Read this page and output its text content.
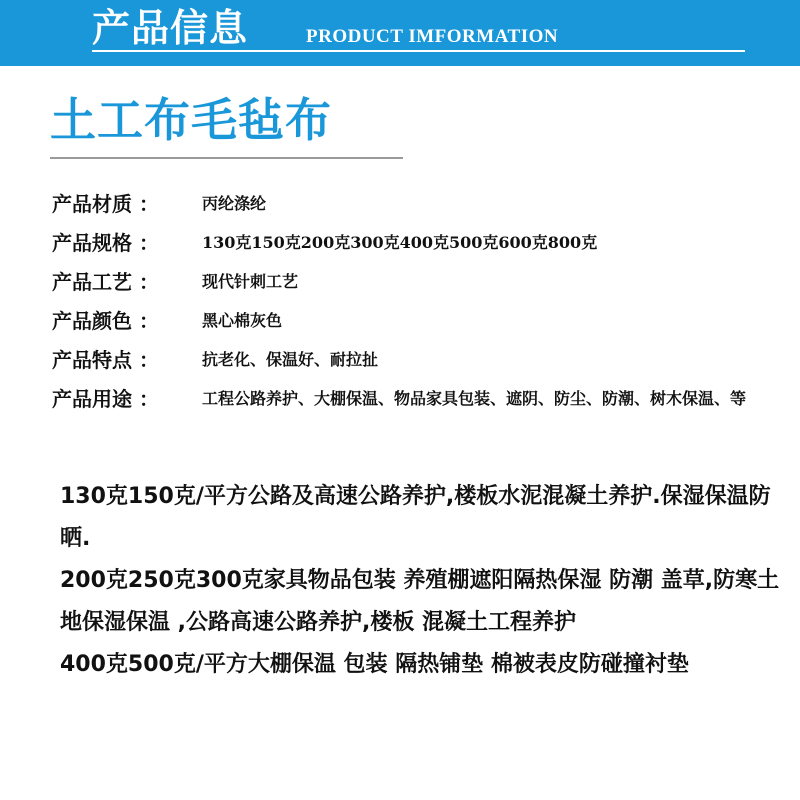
产品信息	PRODUCT IMFORMATION
土工布毛毡布
产品材质 ：	丙纶涤纶
产品规格 ：	130克150克200克300克400克500克600克800克
产品工艺 ：	现代针刺工艺
产品颜色 ：	黑心棉灰色
产品特点 ：	抗老化、保温好、耐拉扯
产品用途 ：	工程公路养护、大棚保温、物品家具包装、遮阴、防尘、防潮、树木保温、等

130克150克/平方公路及高速公路养护,楼板水泥混凝土养护.保湿保温防晒.

200克250克300克家具物品包装 养殖棚遮阳隔热保湿 防潮 盖草,防寒土地保湿保温 ,公路高速公路养护,楼板 混凝土工程养护

400克500克/平方大棚保温 包装 隔热铺垫 棉被表皮防碰撞衬垫
